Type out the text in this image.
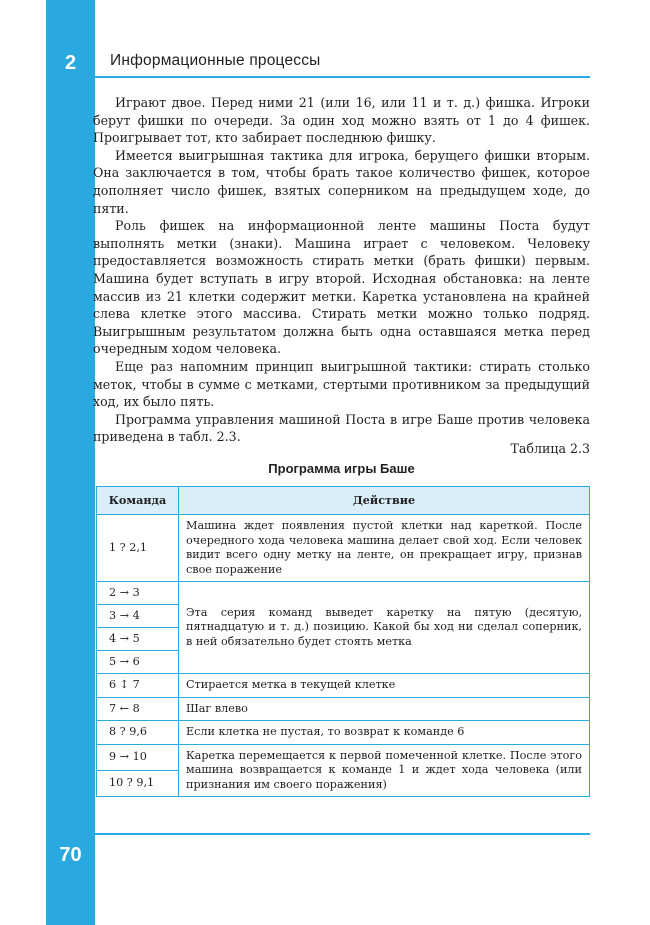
2	Информационные процессы

Играют двое. Перед ними 21 (или 16, или 11 и т. д.) фишка. Игроки берут фишки по очереди. За один ход можно взять от 1 до 4 фишек. Проигрывает тот, кто забирает последнюю фишку.

Имеется выигрышная тактика для игрока, берущего фишки вторым. Она заключается в том, чтобы брать такое количество фишек, которое дополняет число фишек, взятых соперником на предыдущем ходе, до пяти.

Роль фишек на информационной ленте машины Поста будут выполнять метки (знаки). Машина играет с человеком. Человеку предоставляется возможность стирать метки (брать фишки) первым. Машина будет вступать в игру второй. Исходная обстановка: на ленте массив из 21 клетки содержит метки. Каретка установлена на крайней слева клетке этого массива. Стирать метки можно только подряд. Выигрышным результатом должна быть одна оставшаяся метка перед очередным ходом человека.

Еще раз напомним принцип выигрышной тактики: стирать столько меток, чтобы в сумме с метками, стертыми противником за предыдущий ход, их было пять.

Программа управления машиной Поста в игре Баше против человека приведена в табл. 2.3.

Таблица 2.3
Программа игры Баше
Команда	Действие
1 ? 2,1	Машина ждет появления пустой клетки над кареткой. После очередного хода человека машина делает свой ход. Если человек видит всего одну метку на ленте, он прекращает игру, признав свое поражение
2 → 3	Эта серия команд выведет каретку на пятую (десятую, пятнадцатую и т. д.) позицию. Какой бы ход ни сделал соперник, в ней обязательно будет стоять метка
3 → 4	
4 → 5	
5 → 6	
6 ↕ 7	Стирается метка в текущей клетке
7 ← 8	Шаг влево
8 ? 9,6	Если клетка не пустая, то возврат к команде 6
9 → 10	Каретка перемещается к первой помеченной клетке. После этого машина возвращается к команде 1 и ждет хода человека (или признания им своего поражения)
10 ? 9,1	
70
